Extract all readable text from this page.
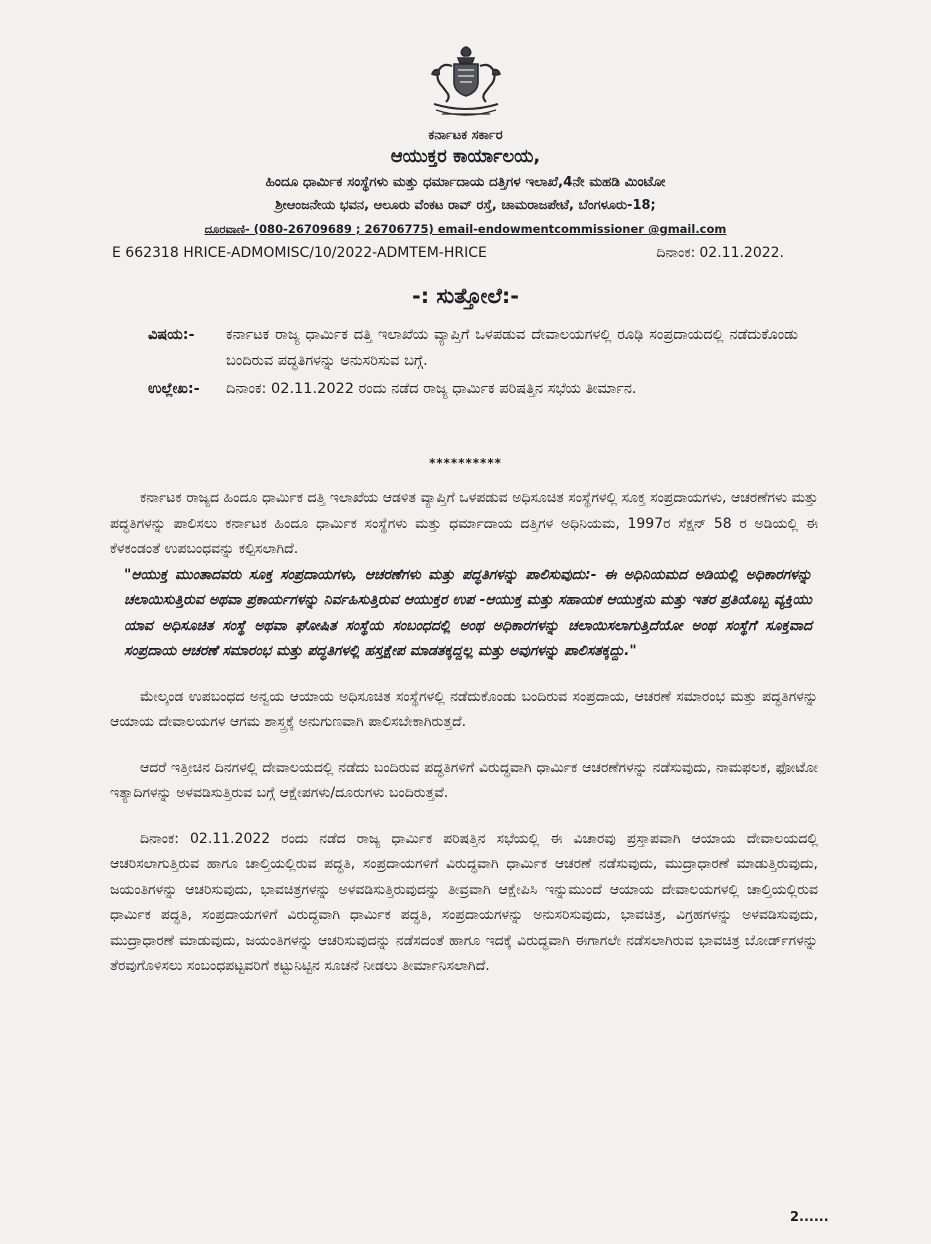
ಕರ್ನಾಟಕ ಸರ್ಕಾರ
ಆಯುಕ್ತರ ಕಾರ್ಯಾಲಯ,
ಹಿಂದೂ ಧಾರ್ಮಿಕ ಸಂಸ್ಥೆಗಳು ಮತ್ತು ಧರ್ಮಾದಾಯ ದತ್ತಿಗಳ ಇಲಾಖೆ,4ನೇ ಮಹಡಿ ಮಿಂಟೋ
ಶ್ರೀಆಂಜನೇಯ ಭವನ, ಆಲೂರು ವೆಂಕಟ ರಾವ್ ರಸ್ತೆ, ಚಾಮರಾಜಪೇಟೆ, ಬೆಂಗಳೂರು-18;
ದೂರವಾಣಿ- (080-26709689 ; 26706775) email-endowmentcommissioner @gmail.com
E 662318 HRICE-ADMOMISC/10/2022-ADMTEM-HRICE	ದಿನಾಂಕ: 02.11.2022.
-: ಸುತ್ತೋಲೆ:-
ವಿಷಯ:-	ಕರ್ನಾಟಕ ರಾಜ್ಯ ಧಾರ್ಮಿಕ ದತ್ತಿ ಇಲಾಖೆಯ ವ್ಯಾಪ್ತಿಗೆ ಒಳಪಡುವ ದೇವಾಲಯಗಳಲ್ಲಿ ರೂಢಿ ಸಂಪ್ರದಾಯದಲ್ಲಿ ನಡೆದುಕೊಂಡು ಬಂದಿರುವ ಪದ್ಧತಿಗಳನ್ನು ಅನುಸರಿಸುವ ಬಗ್ಗೆ.
ಉಲ್ಲೇಖ:-	ದಿನಾಂಕ: 02.11.2022 ರಂದು ನಡೆದ ರಾಜ್ಯ ಧಾರ್ಮಿಕ ಪರಿಷತ್ತಿನ ಸಭೆಯ ತೀರ್ಮಾನ.
**********

ಕರ್ನಾಟಕ ರಾಜ್ಯದ ಹಿಂದೂ ಧಾರ್ಮಿಕ ದತ್ತಿ ಇಲಾಖೆಯ ಆಡಳಿತ ವ್ಯಾಪ್ತಿಗೆ ಒಳಪಡುವ ಅಧಿಸೂಚಿತ ಸಂಸ್ಥೆಗಳಲ್ಲಿ ಸೂಕ್ತ ಸಂಪ್ರದಾಯಗಳು, ಆಚರಣೆಗಳು ಮತ್ತು ಪದ್ಧತಿಗಳನ್ನು ಪಾಲಿಸಲು ಕರ್ನಾಟಕ ಹಿಂದೂ ಧಾರ್ಮಿಕ ಸಂಸ್ಥೆಗಳು ಮತ್ತು ಧರ್ಮಾದಾಯ ದತ್ತಿಗಳ ಅಧಿನಿಯಮ, 1997ರ ಸೆಕ್ಷನ್ 58 ರ ಅಡಿಯಲ್ಲಿ ಈ ಕೆಳಕಂಡಂತೆ ಉಪಬಂಧವನ್ನು ಕಲ್ಪಿಸಲಾಗಿದೆ.

"ಆಯುಕ್ತ ಮುಂತಾದವರು ಸೂಕ್ತ ಸಂಪ್ರದಾಯಗಳು, ಆಚರಣೆಗಳು ಮತ್ತು ಪದ್ಧತಿಗಳನ್ನು ಪಾಲಿಸುವುದು:- ಈ ಅಧಿನಿಯಮದ ಅಡಿಯಲ್ಲಿ ಅಧಿಕಾರಗಳನ್ನು ಚಲಾಯಿಸುತ್ತಿರುವ ಅಥವಾ ಪ್ರಕಾರ್ಯಗಳನ್ನು ನಿರ್ವಹಿಸುತ್ತಿರುವ ಆಯುಕ್ತರ ಉಪ -ಆಯುಕ್ತ ಮತ್ತು ಸಹಾಯಕ ಆಯುಕ್ತನು ಮತ್ತು ಇತರ ಪ್ರತಿಯೊಬ್ಬ ವ್ಯಕ್ತಿಯು ಯಾವ ಅಧಿಸೂಚಿತ ಸಂಸ್ಥೆ ಅಥವಾ ಘೋಷಿತ ಸಂಸ್ಥೆಯ ಸಂಬಂಧದಲ್ಲಿ ಅಂಥ ಅಧಿಕಾರಗಳನ್ನು ಚಲಾಯಿಸಲಾಗುತ್ತಿದೆಯೋ ಅಂಥ ಸಂಸ್ಥೆಗೆ ಸೂಕ್ತವಾದ ಸಂಪ್ರದಾಯ ಆಚರಣೆ ಸಮಾರಂಭ ಮತ್ತು ಪದ್ಧತಿಗಳಲ್ಲಿ ಹಸ್ತಕ್ಷೇಪ ಮಾಡತಕ್ಕದ್ದಲ್ಲ ಮತ್ತು ಅವುಗಳನ್ನು ಪಾಲಿಸತಕ್ಕದ್ದು."

ಮೇಲ್ಕಂಡ ಉಪಬಂಧದ ಅನ್ವಯ ಆಯಾಯ ಅಧಿಸೂಚಿತ ಸಂಸ್ಥೆಗಳಲ್ಲಿ ನಡೆದುಕೊಂಡು ಬಂದಿರುವ ಸಂಪ್ರದಾಯ, ಆಚರಣೆ ಸಮಾರಂಭ ಮತ್ತು ಪದ್ಧತಿಗಳನ್ನು ಆಯಾಯ ದೇವಾಲಯಗಳ ಆಗಮ ಶಾಸ್ತ್ರಕ್ಕೆ ಅನುಗುಣವಾಗಿ ಪಾಲಿಸಬೇಕಾಗಿರುತ್ತದೆ.

ಆದರೆ ಇತ್ತೀಚಿನ ದಿನಗಳಲ್ಲಿ ದೇವಾಲಯದಲ್ಲಿ ನಡೆದು ಬಂದಿರುವ ಪದ್ಧತಿಗಳಿಗೆ ವಿರುದ್ಧವಾಗಿ ಧಾರ್ಮಿಕ ಆಚರಣೆಗಳನ್ನು ನಡೆಸುವುದು, ನಾಮಫಲಕ, ಫೋಟೋ ಇತ್ಯಾದಿಗಳನ್ನು ಅಳವಡಿಸುತ್ತಿರುವ ಬಗ್ಗೆ ಆಕ್ಷೇಪಗಳು/ದೂರುಗಳು ಬಂದಿರುತ್ತವೆ.

ದಿನಾಂಕ: 02.11.2022 ರಂದು ನಡೆದ ರಾಜ್ಯ ಧಾರ್ಮಿಕ ಪರಿಷತ್ತಿನ ಸಭೆಯಲ್ಲಿ ಈ ವಿಚಾರವು ಪ್ರಸ್ತಾಪವಾಗಿ ಆಯಾಯ ದೇವಾಲಯದಲ್ಲಿ ಆಚರಿಸಲಾಗುತ್ತಿರುವ ಹಾಗೂ ಚಾಲ್ತಿಯಲ್ಲಿರುವ ಪದ್ಧತಿ, ಸಂಪ್ರದಾಯಗಳಿಗೆ ವಿರುದ್ಧವಾಗಿ ಧಾರ್ಮಿಕ ಆಚರಣೆ ನಡೆಸುವುದು, ಮುದ್ರಾಧಾರಣೆ ಮಾಡುತ್ತಿರುವುದು, ಜಯಂತಿಗಳನ್ನು ಆಚರಿಸುವುದು, ಭಾವಚಿತ್ರಗಳನ್ನು ಅಳವಡಿಸುತ್ತಿರುವುದನ್ನು ತೀವ್ರವಾಗಿ ಆಕ್ಷೇಪಿಸಿ ಇನ್ನುಮುಂದೆ ಆಯಾಯ ದೇವಾಲಯಗಳಲ್ಲಿ ಚಾಲ್ತಿಯಲ್ಲಿರುವ ಧಾರ್ಮಿಕ ಪದ್ಧತಿ, ಸಂಪ್ರದಾಯಗಳಿಗೆ ವಿರುದ್ಧವಾಗಿ ಧಾರ್ಮಿಕ ಪದ್ಧತಿ, ಸಂಪ್ರದಾಯಗಳನ್ನು ಅನುಸರಿಸುವುದು, ಭಾವಚಿತ್ರ, ವಿಗ್ರಹಗಳನ್ನು ಅಳವಡಿಸುವುದು, ಮುದ್ರಾಧಾರಣೆ ಮಾಡುವುದು, ಜಯಂತಿಗಳನ್ನು ಆಚರಿಸುವುದನ್ನು ನಡೆಸದಂತೆ ಹಾಗೂ ಇದಕ್ಕೆ ವಿರುದ್ಧವಾಗಿ ಈಗಾಗಲೇ ನಡೆಸಲಾಗಿರುವ ಭಾವಚಿತ್ರ ಬೋರ್ಡ್‌ಗಳನ್ನು ತೆರವುಗೊಳಿಸಲು ಸಂಬಂಧಪಟ್ಟವರಿಗೆ ಕಟ್ಟುನಿಟ್ಟಿನ ಸೂಚನೆ ನೀಡಲು ತೀರ್ಮಾನಿಸಲಾಗಿದೆ.

2......
